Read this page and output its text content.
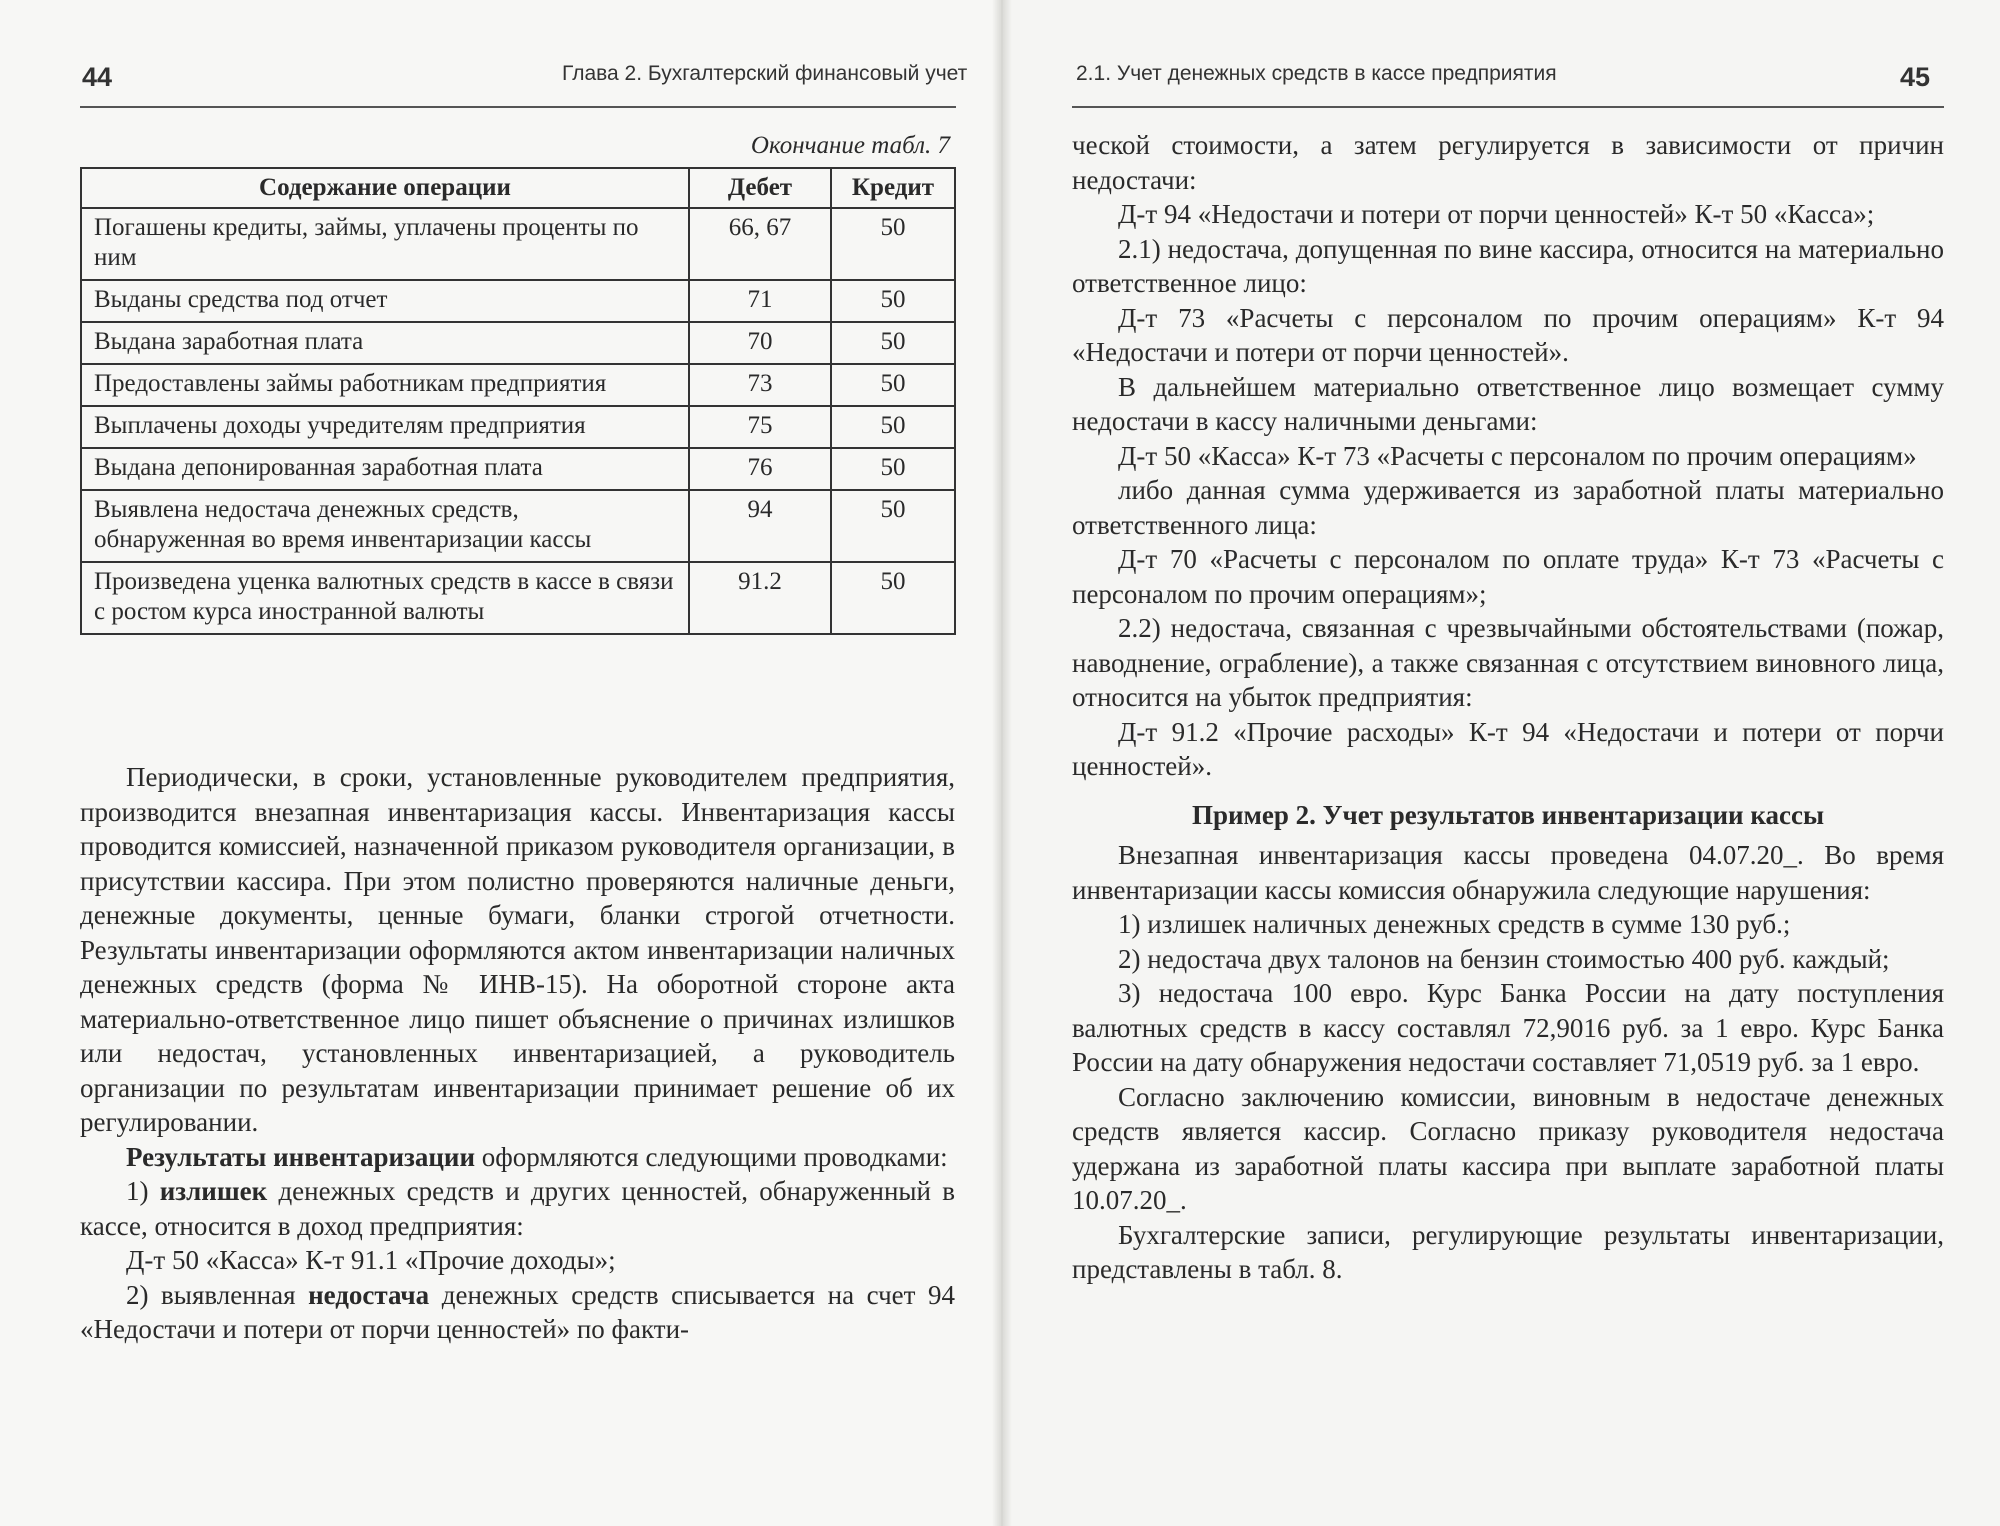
44	Глава 2. Бухгалтерский финансовый учет
Окончание табл. 7
Содержание операции	Дебет	Кредит
Погашены кредиты, займы, уплачены проценты по ним	66, 67	50
Выданы средства под отчет	71	50
Выдана заработная плата	70	50
Предоставлены займы работникам предприятия	73	50
Выплачены доходы учредителям предприятия	75	50
Выдана депонированная заработная плата	76	50
Выявлена недостача денежных средств, обнаруженная во время инвентаризации кассы	94	50
Произведена уценка валютных средств в кассе в связи с ростом курса иностранной валюты	91.2	50

Периодически, в сроки, установленные руководителем предприятия, производится внезапная инвентаризация кассы. Инвентаризация кассы проводится комиссией, назначенной приказом руководителя организации, в присутствии кассира. При этом полистно проверяются наличные деньги, денежные документы, ценные бумаги, бланки строгой отчетности. Результаты инвентаризации оформляются актом инвентаризации наличных денежных средств (форма № ИНВ-15). На оборотной стороне акта материально-ответственное лицо пишет объяснение о причинах излишков или недостач, установленных инвентаризацией, а руководитель организации по результатам инвентаризации принимает решение об их регулировании.

Результаты инвентаризации оформляются следующими проводками:

1) излишек денежных средств и других ценностей, обнаруженный в кассе, относится в доход предприятия:

Д-т 50 «Касса» К-т 91.1 «Прочие доходы»;

2) выявленная недостача денежных средств списывается на счет 94 «Недостачи и потери от порчи ценностей» по факти-

2.1. Учет денежных средств в кассе предприятия	45

ческой стоимости, а затем регулируется в зависимости от причин недостачи:

Д-т 94 «Недостачи и потери от порчи ценностей» К-т 50 «Касса»;

2.1) недостача, допущенная по вине кассира, относится на материально ответственное лицо:

Д-т 73 «Расчеты с персоналом по прочим операциям» К-т 94 «Недостачи и потери от порчи ценностей».

В дальнейшем материально ответственное лицо возмещает сумму недостачи в кассу наличными деньгами:

Д-т 50 «Касса» К-т 73 «Расчеты с персоналом по прочим операциям»

либо данная сумма удерживается из заработной платы материально ответственного лица:

Д-т 70 «Расчеты с персоналом по оплате труда» К-т 73 «Расчеты с персоналом по прочим операциям»;

2.2) недостача, связанная с чрезвычайными обстоятельствами (пожар, наводнение, ограбление), а также связанная с отсутствием виновного лица, относится на убыток предприятия:

Д-т 91.2 «Прочие расходы» К-т 94 «Недостачи и потери от порчи ценностей».

Пример 2. Учет результатов инвентаризации кассы

Внезапная инвентаризация кассы проведена 04.07.20_. Во время инвентаризации кассы комиссия обнаружила следующие нарушения:

1) излишек наличных денежных средств в сумме 130 руб.;

2) недостача двух талонов на бензин стоимостью 400 руб. каждый;

3) недостача 100 евро. Курс Банка России на дату поступления валютных средств в кассу составлял 72,9016 руб. за 1 евро. Курс Банка России на дату обнаружения недостачи составляет 71,0519 руб. за 1 евро.

Согласно заключению комиссии, виновным в недостаче денежных средств является кассир. Согласно приказу руководителя недостача удержана из заработной платы кассира при выплате заработной платы 10.07.20_.

Бухгалтерские записи, регулирующие результаты инвентаризации, представлены в табл. 8.
